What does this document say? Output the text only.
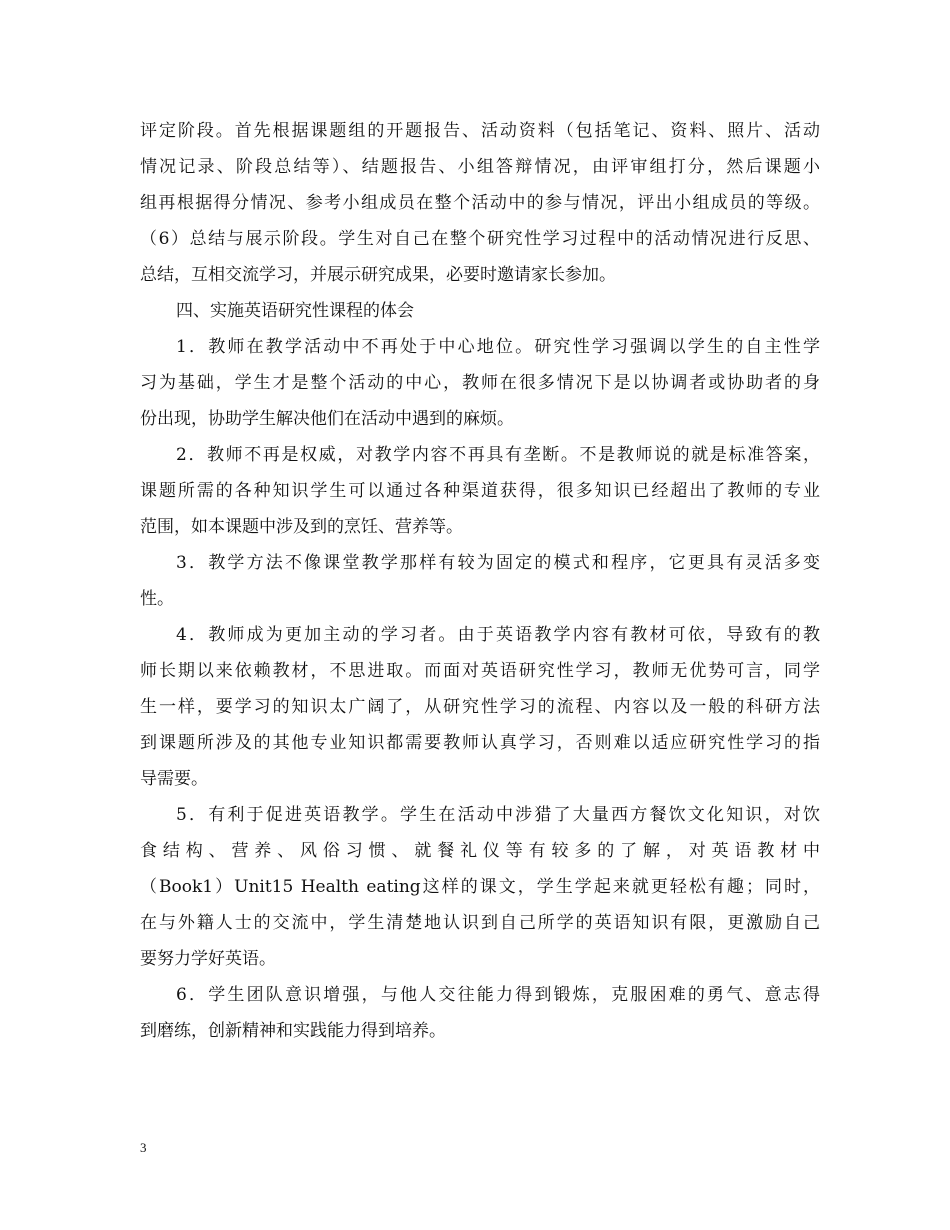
评定阶段。首先根据课题组的开题报告、活动资料（包括笔记、资料、照片、活动
情况记录、阶段总结等）、结题报告、小组答辩情况，由评审组打分，然后课题小
组再根据得分情况、参考小组成员在整个活动中的参与情况，评出小组成员的等级。
（6）总结与展示阶段。学生对自己在整个研究性学习过程中的活动情况进行反思、
总结，互相交流学习，并展示研究成果，必要时邀请家长参加。
四、实施英语研究性课程的体会
1．教师在教学活动中不再处于中心地位。研究性学习强调以学生的自主性学
习为基础，学生才是整个活动的中心，教师在很多情况下是以协调者或协助者的身
份出现，协助学生解决他们在活动中遇到的麻烦。
2．教师不再是权威，对教学内容不再具有垄断。不是教师说的就是标准答案，
课题所需的各种知识学生可以通过各种渠道获得，很多知识已经超出了教师的专业
范围，如本课题中涉及到的烹饪、营养等。
3．教学方法不像课堂教学那样有较为固定的模式和程序，它更具有灵活多变
性。
4．教师成为更加主动的学习者。由于英语教学内容有教材可依，导致有的教
师长期以来依赖教材，不思进取。而面对英语研究性学习，教师无优势可言，同学
生一样，要学习的知识太广阔了，从研究性学习的流程、内容以及一般的科研方法
到课题所涉及的其他专业知识都需要教师认真学习，否则难以适应研究性学习的指
导需要。
5．有利于促进英语教学。学生在活动中涉猎了大量西方餐饮文化知识，对饮
食结构、营养、风俗习惯、就餐礼仪等有较多的了解，对英语教材中
（Book1）Unit15 Health eating这样的课文，学生学起来就更轻松有趣；同时，
在与外籍人士的交流中，学生清楚地认识到自己所学的英语知识有限，更激励自己
要努力学好英语。
6．学生团队意识增强，与他人交往能力得到锻炼，克服困难的勇气、意志得
到磨练，创新精神和实践能力得到培养。
3
